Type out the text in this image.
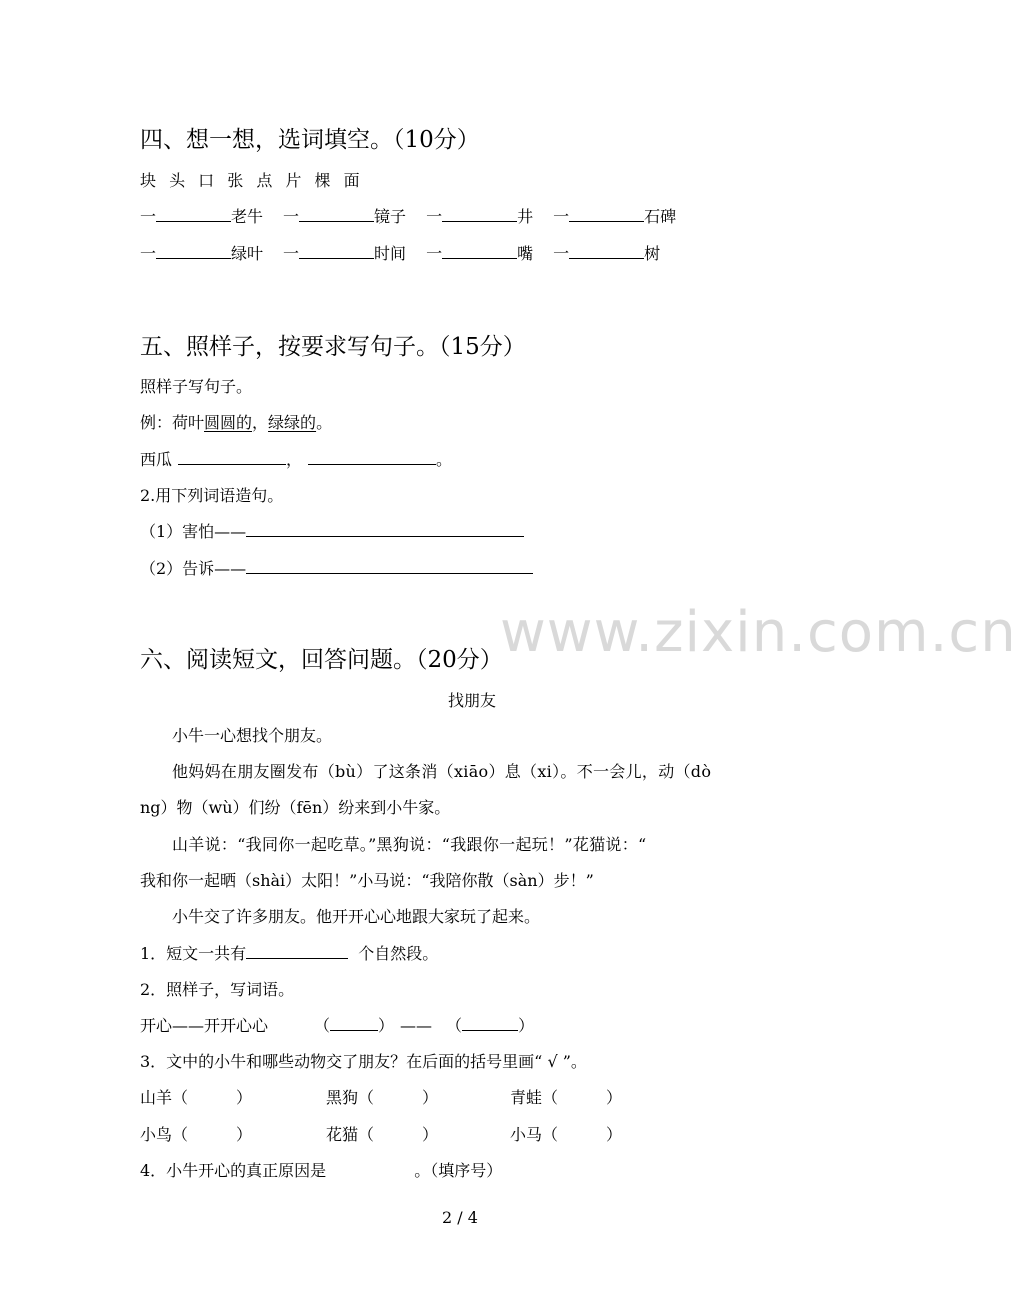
www.zixin.com.cn
四、想一想，选词填空。（10分）
块 头 口 张 点 片 棵 面
一	老牛 一	镜子 一	井 一	石碑
一	绿叶 一	时间 一	嘴 一	树
五、照样子，按要求写句子。（15分）
照样子写句子。
例：荷叶圆圆的，绿绿的。
西瓜	，	。
2.用下列词语造句。
（1）害怕——
（2）告诉——
六、阅读短文，回答问题。（20分）
找朋友
小牛一心想找个朋友。
他妈妈在朋友圈发布（bù）了这条消（xiāo）息（xi）。不一会儿，动（dò
ng）物（wù）们纷（fēn）纷来到小牛家。
山羊说：“我同你一起吃草。”黑狗说：“我跟你一起玩！”花猫说：“
我和你一起晒（shài）太阳！”小马说：“我陪你散（sàn）步！”
小牛交了许多朋友。他开开心心地跟大家玩了起来。
1．短文一共有	个自然段。
2．照样子，写词语。
开心——开开心心	（	） —— （	）
3．文中的小牛和哪些动物交了朋友？在后面的括号里画“ √ ”。
山羊（	）	黑狗（	）	青蛙（	）
小鸟（	）	花猫（	）	小马（	）
4．小牛开心的真正原因是	。（填序号）
2 / 4
